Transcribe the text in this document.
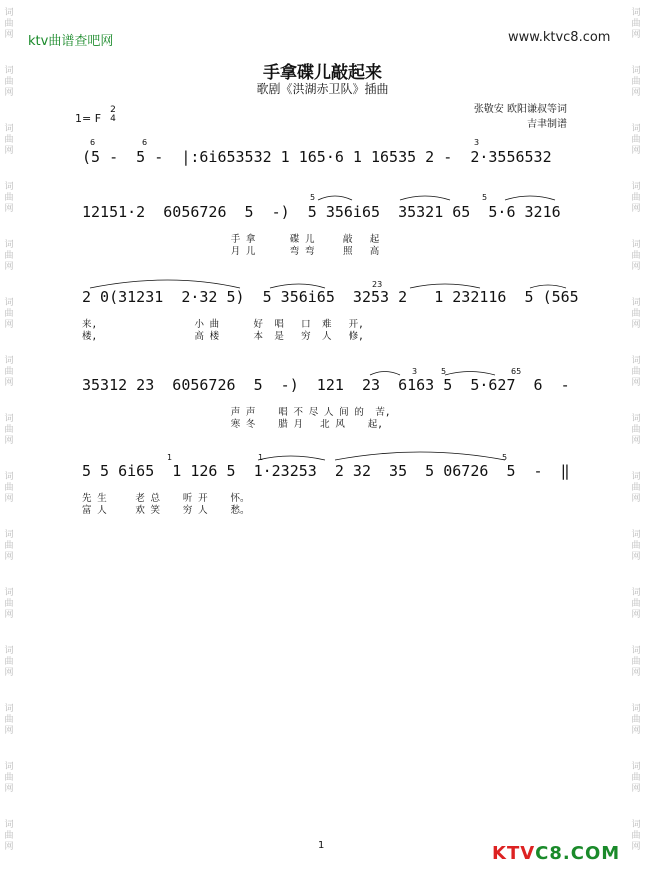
词曲网
词曲网
词曲网
词曲网
词曲网
词曲网
词曲网
词曲网
词曲网
词曲网
词曲网
词曲网
词曲网
词曲网
词曲网
词曲网
词曲网
词曲网
词曲网
词曲网
词曲网
词曲网
词曲网
词曲网
词曲网
词曲网
词曲网
词曲网
词曲网
词曲网
ktv曲谱查吧网	www.ktvc8.com
手拿碟儿敲起来
歌剧《洪湖赤卫队》插曲
1= F
2
4
张敬安 欧阳谦叔等词
吉聿制谱
(5 -  5 -  |:6i653532 1 165·6 1 16535 2 -  2·3556532
12151·2  6056726  5  -)  5 356i65  35321 65  5·6 3216
手 拿      碟 儿     敲   起
月 儿      弯 弯     照   高
2 0(31231  2·32 5)  5 356i65  3253 2   1 232116  5 (565
来,                 小 曲      好  唱   口  难   开,
楼,                 高 楼      本  是   穷  人   修,
35312 23  6056726  5  -)  121  23  6163 5  5·627  6  -
声 声    唱 不 尽 人 间 的  苦,
寒 冬    腊 月   北 风    起,
5 5 6i65  1 126 5  1·23253  2 32  35  5 06726  5  -  ‖
先 生     老 总    听 开    怀。
富 人     欢 笑    穷 人    愁。
6	6	3
5	5
23
3	5	65
1	1	5
1	KTVC8.COM
